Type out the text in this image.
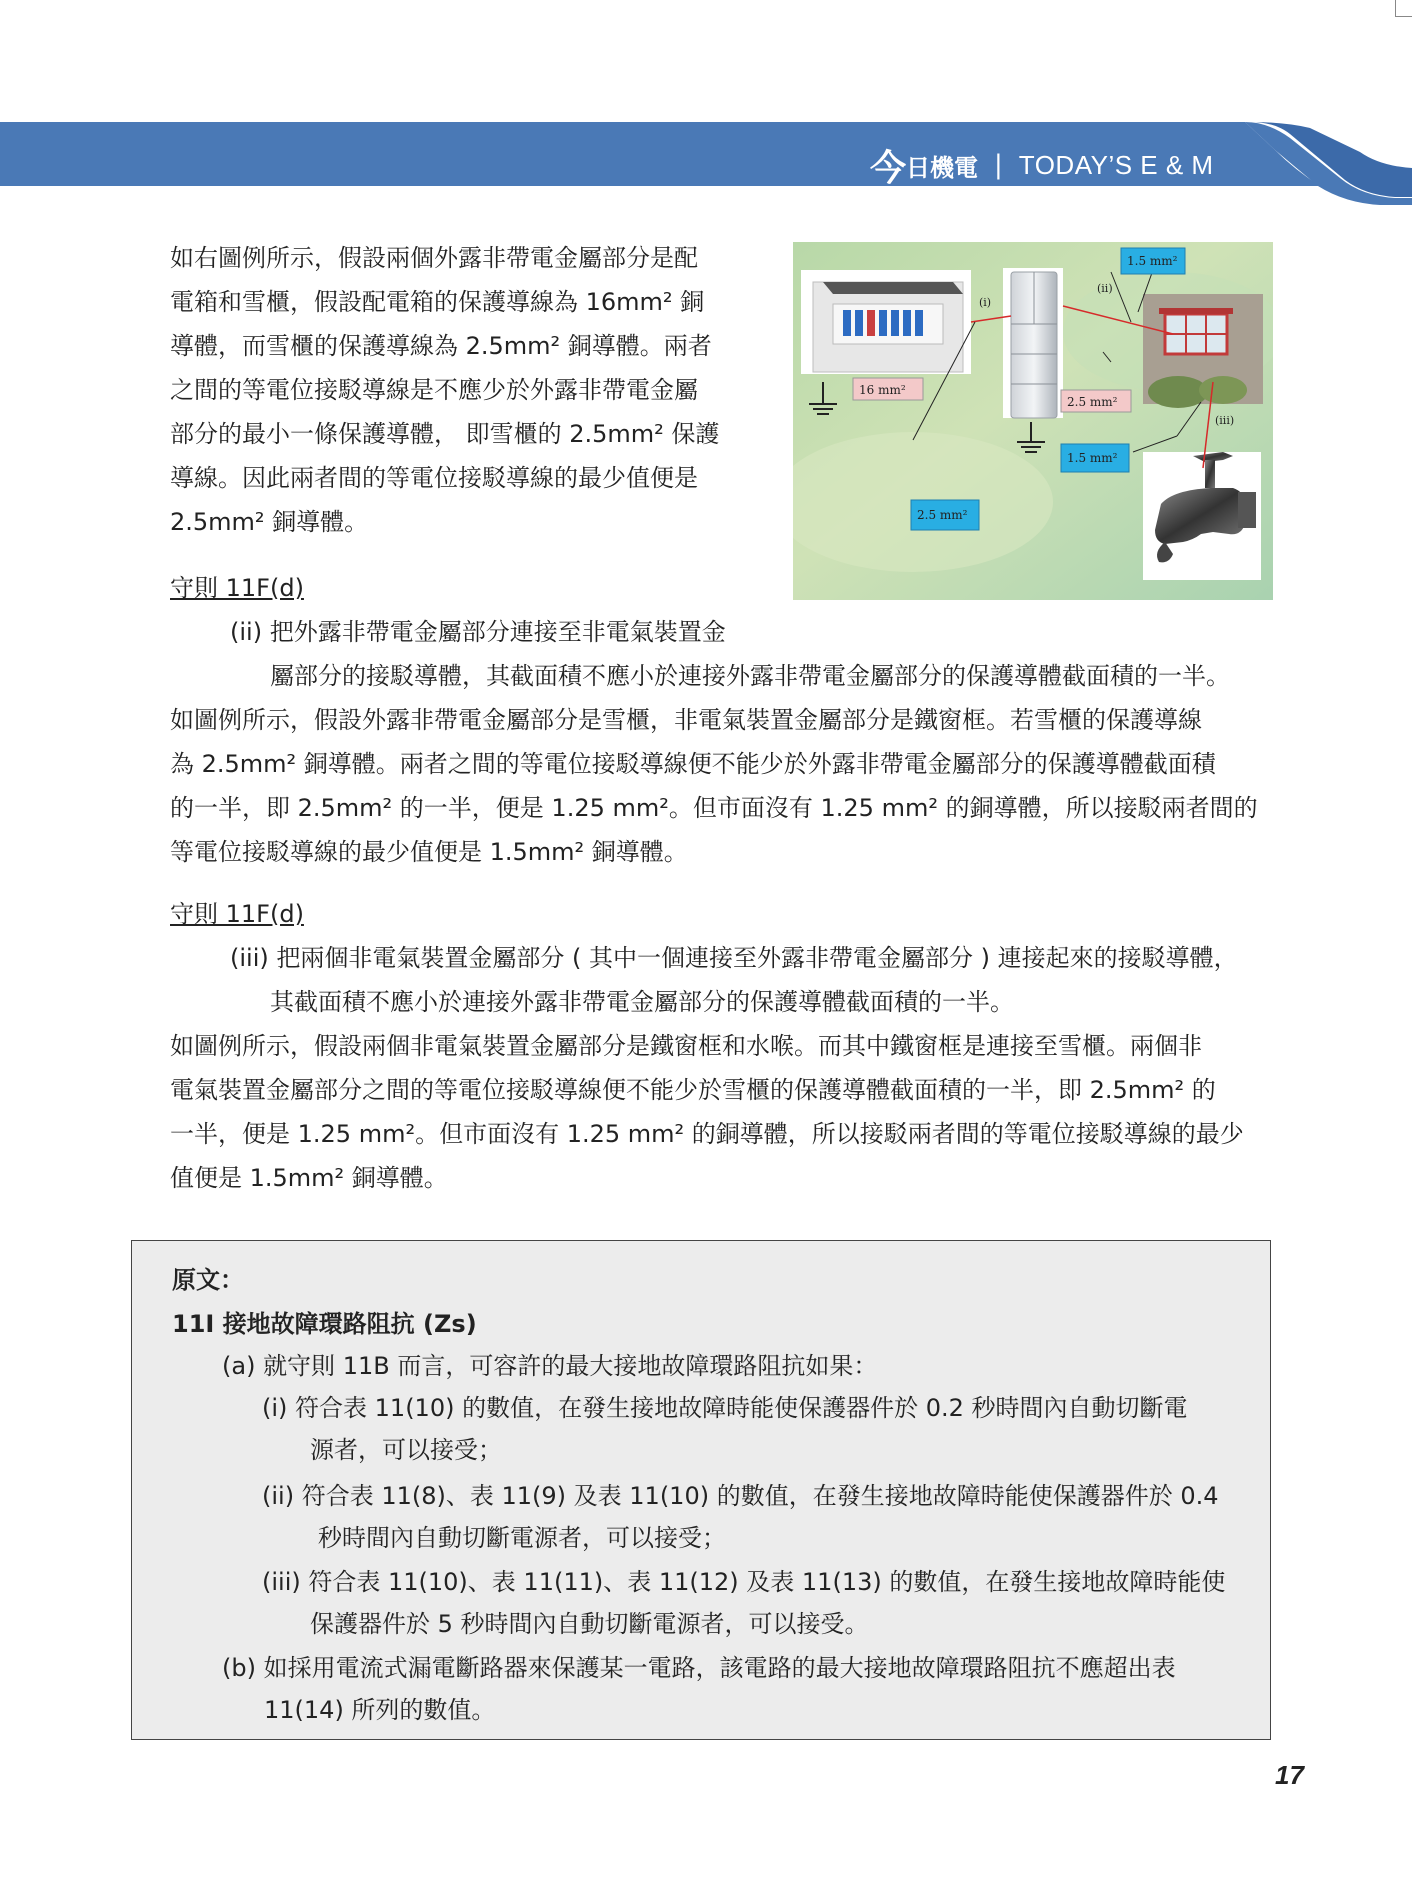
今 日機電 | TODAY’S E & M

如右圖例所示，假設兩個外露非帶電金屬部分是配

電箱和雪櫃，假設配電箱的保護導線為 16mm² 銅

導體，而雪櫃的保護導線為 2.5mm² 銅導體。兩者

之間的等電位接駁導線是不應少於外露非帶電金屬

部分的最小一條保護導體， 即雪櫃的 2.5mm² 保護

導線。因此兩者間的等電位接駁導線的最少值便是

2.5mm² 銅導體。

16 mm²
2.5 mm²
1.5 mm²
1.5 mm²
2.5 mm²
(i)
(ii)
(iii)

守則 11F(d)

(ii) 把外露非帶電金屬部分連接至非電氣裝置金

屬部分的接駁導體，其截面積不應小於連接外露非帶電金屬部分的保護導體截面積的一半。

如圖例所示，假設外露非帶電金屬部分是雪櫃，非電氣裝置金屬部分是鐵窗框。若雪櫃的保護導線

為 2.5mm² 銅導體。兩者之間的等電位接駁導線便不能少於外露非帶電金屬部分的保護導體截面積

的一半，即 2.5mm² 的一半，便是 1.25 mm²。但市面沒有 1.25 mm² 的銅導體，所以接駁兩者間的

等電位接駁導線的最少值便是 1.5mm² 銅導體。

守則 11F(d)

(iii) 把兩個非電氣裝置金屬部分 ( 其中一個連接至外露非帶電金屬部分 ) 連接起來的接駁導體，

其截面積不應小於連接外露非帶電金屬部分的保護導體截面積的一半。

如圖例所示，假設兩個非電氣裝置金屬部分是鐵窗框和水喉。而其中鐵窗框是連接至雪櫃。兩個非

電氣裝置金屬部分之間的等電位接駁導線便不能少於雪櫃的保護導體截面積的一半，即 2.5mm² 的

一半，便是 1.25 mm²。但市面沒有 1.25 mm² 的銅導體，所以接駁兩者間的等電位接駁導線的最少

值便是 1.5mm² 銅導體。

原文：
11I 接地故障環路阻抗 (Zs)
(a) 就守則 11B 而言，可容許的最大接地故障環路阻抗如果：
(i) 符合表 11(10) 的數值，在發生接地故障時能使保護器件於 0.2 秒時間內自動切斷電
源者，可以接受；
(ii) 符合表 11(8)、表 11(9) 及表 11(10) 的數值，在發生接地故障時能使保護器件於 0.4
秒時間內自動切斷電源者，可以接受；
(iii) 符合表 11(10)、表 11(11)、表 11(12) 及表 11(13) 的數值，在發生接地故障時能使
保護器件於 5 秒時間內自動切斷電源者，可以接受。
(b) 如採用電流式漏電斷路器來保護某一電路，該電路的最大接地故障環路阻抗不應超出表
11(14) 所列的數值。
17
